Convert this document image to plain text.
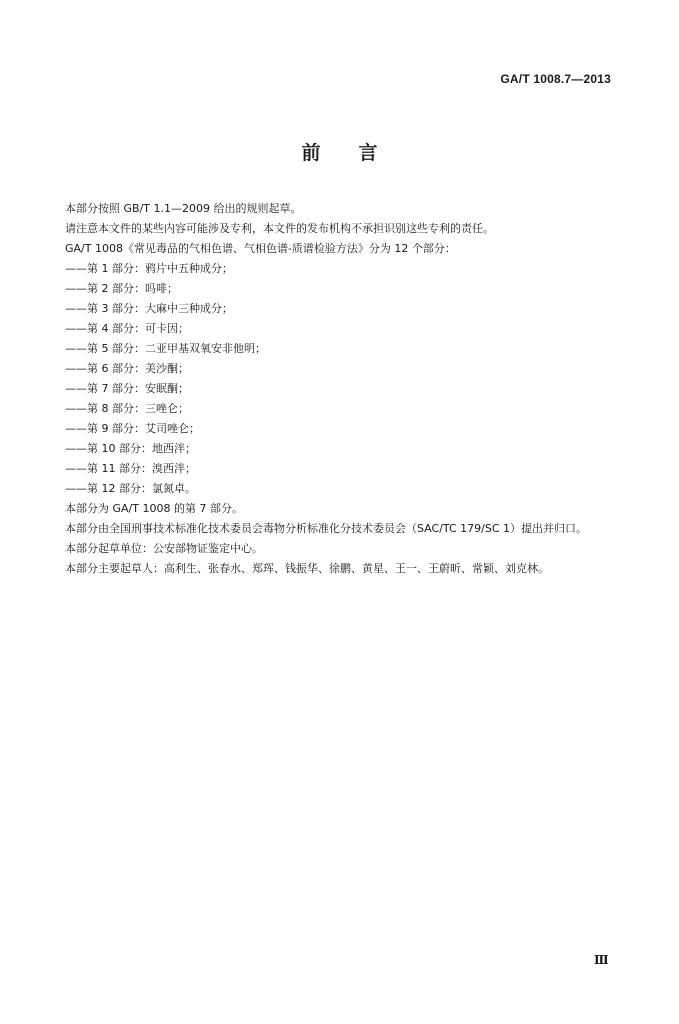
GA/T 1008.7—2013
前 言

本部分按照 GB/T 1.1—2009 给出的规则起草。

请注意本文件的某些内容可能涉及专利，本文件的发布机构不承担识别这些专利的责任。

GA/T 1008《常见毒品的气相色谱、气相色谱-质谱检验方法》分为 12 个部分：

——第 1 部分：鸦片中五种成分；

——第 2 部分：吗啡；

——第 3 部分：大麻中三种成分；

——第 4 部分：可卡因；

——第 5 部分：二亚甲基双氧安非他明；

——第 6 部分：美沙酮；

——第 7 部分：安眠酮；

——第 8 部分：三唑仑；

——第 9 部分：艾司唑仑；

——第 10 部分：地西泮；

——第 11 部分：溴西泮；

——第 12 部分：氯氮卓。

本部分为 GA/T 1008 的第 7 部分。

本部分由全国刑事技术标准化技术委员会毒物分析标准化分技术委员会（SAC/TC 179/SC 1）提出并归口。

本部分起草单位：公安部物证鉴定中心。

本部分主要起草人：高利生、张春水、郑珲、钱振华、徐鹏、黄星、王一、王蔚昕、常颖、刘克林。

Ⅲ
